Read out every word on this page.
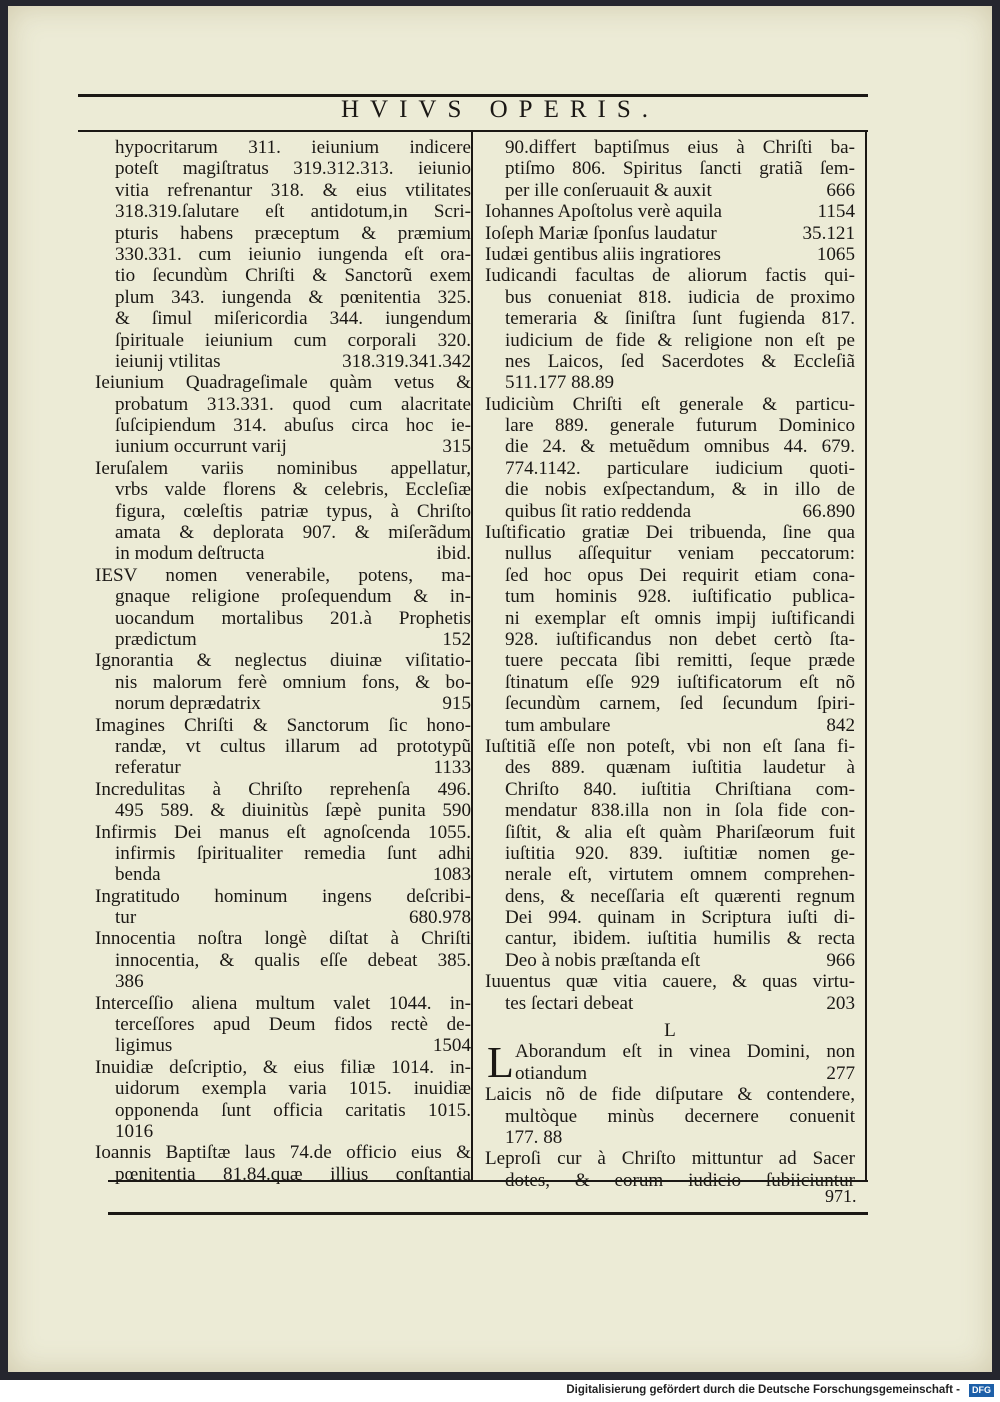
HVIVS OPERIS.
hypocritarum 311. ieiunium indicere
poteſt magiſtratus 319.312.313. ieiunio
vitia refrenantur 318. & eius vtilitates
318.319.ſalutare eſt antidotum,in Scri-
pturis habens præceptum & præmium
330.331. cum ieiunio iungenda eſt ora-
tio ſecundùm Chriſti & Sanctorũ exem
plum 343. iungenda & pœnitentia 325.
& ſimul miſericordia 344. iungendum
ſpirituale ieiunium cum corporali 320.
318.319.341.342
ieiunij vtilitas
Ieiunium Quadrageſimale quàm vetus &
probatum 313.331. quod cum alacritate
ſuſcipiendum 314. abuſus circa hoc ie-
315
iunium occurrunt varij
Ieruſalem variis nominibus appellatur,
vrbs valde florens & celebris, Eccleſiæ
figura, cœleſtis patriæ typus, à Chriſto
amata & deplorata 907. & miſerãdum
ibid.
in modum deſtructa
IESV nomen venerabile, potens, ma-
gnaque religione proſequendum & in-
uocandum mortalibus 201.à Prophetis
152
prædictum
Ignorantia & neglectus diuinæ viſitatio-
nis malorum ferè omnium fons, & bo-
915
norum deprædatrix
Imagines Chriſti & Sanctorum ſic hono-
randæ, vt cultus illarum ad prototypũ
1133
referatur
Incredulitas à Chriſto reprehenſa 496.
495 589. & diuinitùs ſæpè punita 590
Infirmis Dei manus eſt agnoſcenda 1055.
infirmis ſpiritualiter remedia ſunt adhi
1083
benda
Ingratitudo hominum ingens deſcribi-
680.978
tur
Innocentia noſtra longè diſtat à Chriſti
innocentia, & qualis eſſe debeat 385.
386
Interceſſio aliena multum valet 1044. in-
terceſſores apud Deum fidos rectè de-
1504
ligimus
Inuidiæ deſcriptio, & eius filiæ 1014. in-
uidorum exempla varia 1015. inuidiæ
opponenda ſunt officia caritatis 1015.
1016
Ioannis Baptiſtæ laus 74.de officio eius &
pœnitentia 81.84.quæ illius conſtantia
90.differt baptiſmus eius à Chriſti ba-
ptiſmo 806. Spiritus ſancti gratiã ſem-
666
per ille conſeruauit & auxit
1154
Iohannes Apoſtolus verè aquila
35.121
Ioſeph Mariæ ſponſus laudatur
1065
Iudæi gentibus aliis ingratiores
Iudicandi facultas de aliorum factis qui-
bus conueniat 818. iudicia de proximo
temeraria & ſiniſtra ſunt fugienda 817.
iudicium de fide & religione non eſt pe
nes Laicos, ſed Sacerdotes & Eccleſiã
511.177 88.89
Iudiciùm Chriſti eſt generale & particu-
lare 889. generale futurum Dominico
die 24. & metuẽdum omnibus 44. 679.
774.1142. particulare iudicium quoti-
die nobis exſpectandum, & in illo de
66.890
quibus ſit ratio reddenda
Iuſtificatio gratiæ Dei tribuenda, ſine qua
nullus aſſequitur veniam peccatorum:
ſed hoc opus Dei requirit etiam cona-
tum hominis 928. iuſtificatio publica-
ni exemplar eſt omnis impij iuſtificandi
928. iuſtificandus non debet certò ſta-
tuere peccata ſibi remitti, ſeque præde
ſtinatum eſſe 929 iuſtificatorum eſt nõ
ſecundùm carnem, ſed ſecundum ſpiri-
842
tum ambulare
Iuſtitiã eſſe non poteſt, vbi non eſt ſana fi-
des 889. quænam iuſtitia laudetur à
Chriſto 840. iuſtitia Chriſtiana com-
mendatur 838.illa non in ſola fide con-
ſiſtit, & alia eſt quàm Phariſæorum fuit
iuſtitia 920. 839. iuſtitiæ nomen ge-
nerale eſt, virtutem omnem comprehen-
dens, & neceſſaria eſt quærenti regnum
Dei 994. quinam in Scriptura iuſti di-
cantur, ibidem. iuſtitia humilis & recta
966
Deo à nobis præſtanda eſt
Iuuentus quæ vitia cauere, & quas virtu-
203
tes ſectari debeat
L
L Aborandum eſt in vinea Domini, non
277
otiandum
Laicis nõ de fide diſputare & contendere,
multòque minùs decernere conuenit
177. 88
Leproſi cur à Chriſto mittuntur ad Sacer
dotes, & eorum iudicio ſubiiciuntur
971.
Digitalisierung gefördert durch die Deutsche Forschungsgemeinschaft -	DFG
